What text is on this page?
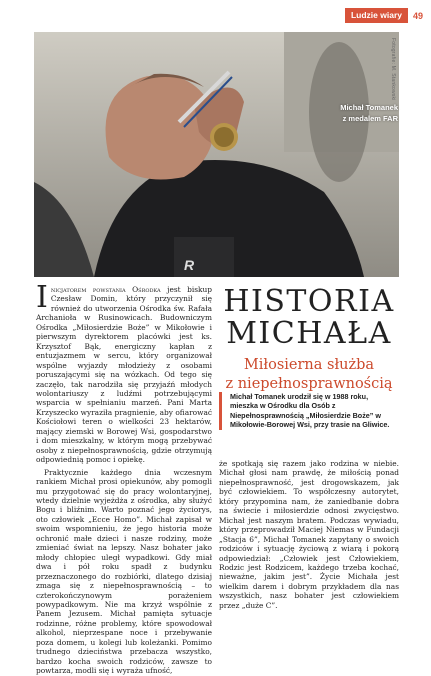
Ludzie wiary	49
R
Fotografie: M. Stankowski
Michał Tomanek
z medalem FAR

Inicjatorem powstania Ośrodka jest biskup Czesław Domin, który przyczynił się również do utworzenia Ośrodka św. Rafała Archanioła w Rusinowicach. Budowniczym Ośrodka „Miłosierdzie Boże” w Mikołowie i pierwszym dyrektorem placówki jest ks. Krzysztof Bąk, energiczny kapłan z entuzjazmem w sercu, który organizował wspólne wyjazdy młodzieży z osobami poruszającymi się na wózkach. Od tego się zaczęło, tak narodziła się przyjaźń młodych wolontariuszy z ludźmi potrzebującymi wsparcia w spełnianiu marzeń. Pani Marta Krzyszecko wyraziła pragnienie, aby ofiarować Kościołowi teren o wielkości 23 hektarów, mający ziemski w Borowej Wsi, gospodarstwo i dom mieszkalny, w którym mogą przebywać osoby z niepełnosprawnością, gdzie otrzymują odpowiednią pomoc i opiekę.

Praktycznie każdego dnia wczesnym rankiem Michał prosi opiekunów, aby pomogli mu przygotować się do pracy wolontaryjnej, wtedy dzielnie wyjeżdża z ośrodka, aby służyć Bogu i bliźnim. Warto poznać jego życiorys, oto człowiek „Ecce Homo”. Michał zapisał w swoim wspomnieniu, że jego historia może ochronić małe dzieci i nasze rodziny, może zmieniać świat na lepszy. Nasz bohater jako młody chłopiec uległ wypadkowi. Gdy miał dwa i pół roku spadł z budynku przeznaczonego do rozbiórki, dlatego dzisiaj zmaga się z niepełnosprawnością – to czterokończynowym porażeniem powypadkowym. Nie ma krzyż wspólnie z Panem Jezusem. Michał pamięta sytuacje rodzinne, różne problemy, które spowodował alkohol, nieprzespane noce i przebywanie poza domem, u kolegi lub koleżanki. Pomimo trudnego dzieciństwa przebacza wszystko, bardzo kocha swoich rodziców, zawsze to powtarza, modli się i wyraża ufność,

HISTORIA
MICHAŁA
Miłosierna służba
z niepełnosprawnością
Michał Tomanek urodził się w 1988 roku, mieszka w Ośrodku dla Osób z Niepełnosprawnością „Miłosierdzie Boże” w Mikołowie-Borowej Wsi, przy trasie na Gliwice.

że spotkają się razem jako rodzina w niebie. Michał głosi nam prawdę, że miłością ponad niepełnosprawność, jest drogowskazem, jak być człowiekiem. To współczesny autorytet, który przypomina nam, że zaniedbanie dobra na świecie i miłosierdzie odnosi zwycięstwo. Michał jest naszym bratem. Podczas wywiadu, który przeprowadził Maciej Niemas w Fundacji „Stacja 6”, Michał Tomanek zapytany o swoich rodziców i sytuację życiową z wiarą i pokorą odpowiedział: „Człowiek jest Człowiekiem, Rodzic jest Rodzicem, każdego trzeba kochać, nieważne, jakim jest”. Życie Michała jest wielkim darem i dobrym przykładem dla nas wszystkich, nasz bohater jest człowiekiem przez „duże C”.
